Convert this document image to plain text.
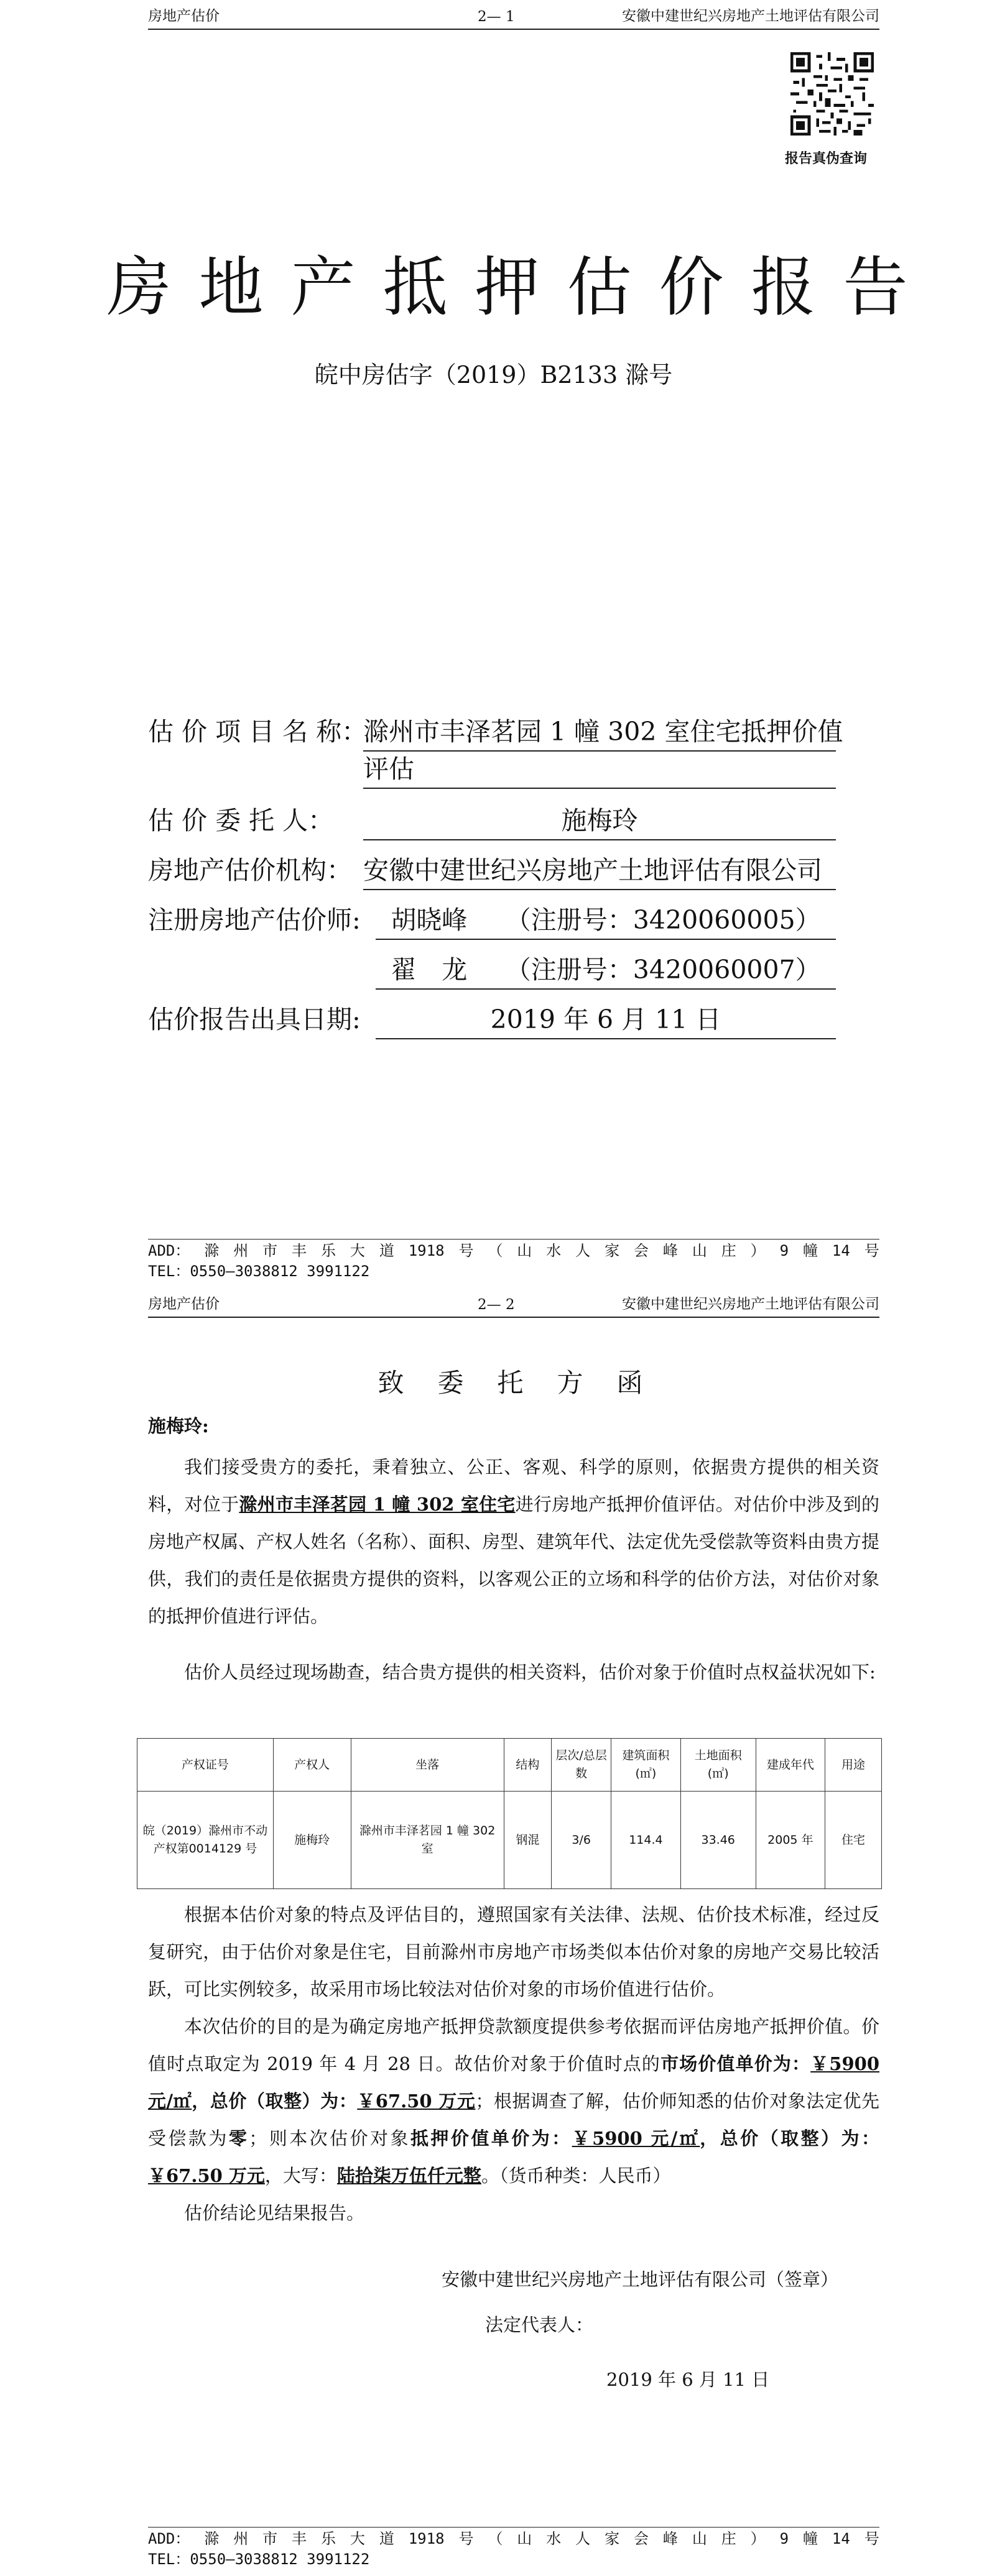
房地产估价	2— 1	安徽中建世纪兴房地产土地评估有限公司
报告真伪查询
房地产抵押估价报告
皖中房估字（2019）B2133 滁号
估 价 项 目 名 称：
滁州市丰泽茗园 1 幢 302 室住宅抵押价值
评估
估 价 委 托 人：	施梅玲
房地产估价机构： 安徽中建世纪兴房地产土地评估有限公司
注册房地产估价师:	胡晓峰　　（注册号：3420060005）
翟　龙　　（注册号：3420060007）
估价报告出具日期:	2019 年 6 月 11 日
ADD： 滁 州 市 丰 乐 大 道 1918 号 （ 山 水 人 家 会 峰 山 庄 ） 9 幢 14 号
TEL：0550—3038812 3991122
房地产估价	2— 2	安徽中建世纪兴房地产土地评估有限公司
致委托方函
施梅玲:

我们接受贵方的委托，秉着独立、公正、客观、科学的原则，依据贵方提供的相关资料，对位于滁州市丰泽茗园 1 幢 302 室住宅进行房地产抵押价值评估。对估价中涉及到的房地产权属、产权人姓名（名称）、面积、房型、建筑年代、法定优先受偿款等资料由贵方提供，我们的责任是依据贵方提供的资料，以客观公正的立场和科学的估价方法，对估价对象的抵押价值进行评估。

估价人员经过现场勘查，结合贵方提供的相关资料，估价对象于价值时点权益状况如下:

产权证号	产权人	坐落	结构	层次/总层数	建筑面积(㎡)	土地面积(㎡)	建成年代	用途
皖（2019）滁州市不动产权第0014129 号	施梅玲	滁州市丰泽茗园 1 幢 302 室	钢混	3/6	114.4	33.46	2005 年	住宅

根据本估价对象的特点及评估目的，遵照国家有关法律、法规、估价技术标准，经过反复研究，由于估价对象是住宅，目前滁州市房地产市场类似本估价对象的房地产交易比较活跃，可比实例较多，故采用市场比较法对估价对象的市场价值进行估价。

本次估价的目的是为确定房地产抵押贷款额度提供参考依据而评估房地产抵押价值。价值时点取定为 2019 年 4 月 28 日。故估价对象于价值时点的市场价值单价为：￥5900 元/㎡，总价（取整）为：￥67.50 万元；根据调查了解，估价师知悉的估价对象法定优先受偿款为零；则本次估价对象抵押价值单价为：￥5900 元/㎡，总价（取整）为：￥67.50 万元，大写：陆拾柒万伍仟元整。（货币种类：人民币）

估价结论见结果报告。

安徽中建世纪兴房地产土地评估有限公司（签章）
法定代表人：
2019 年 6 月 11 日
ADD： 滁 州 市 丰 乐 大 道 1918 号 （ 山 水 人 家 会 峰 山 庄 ） 9 幢 14 号
TEL：0550—3038812 3991122
